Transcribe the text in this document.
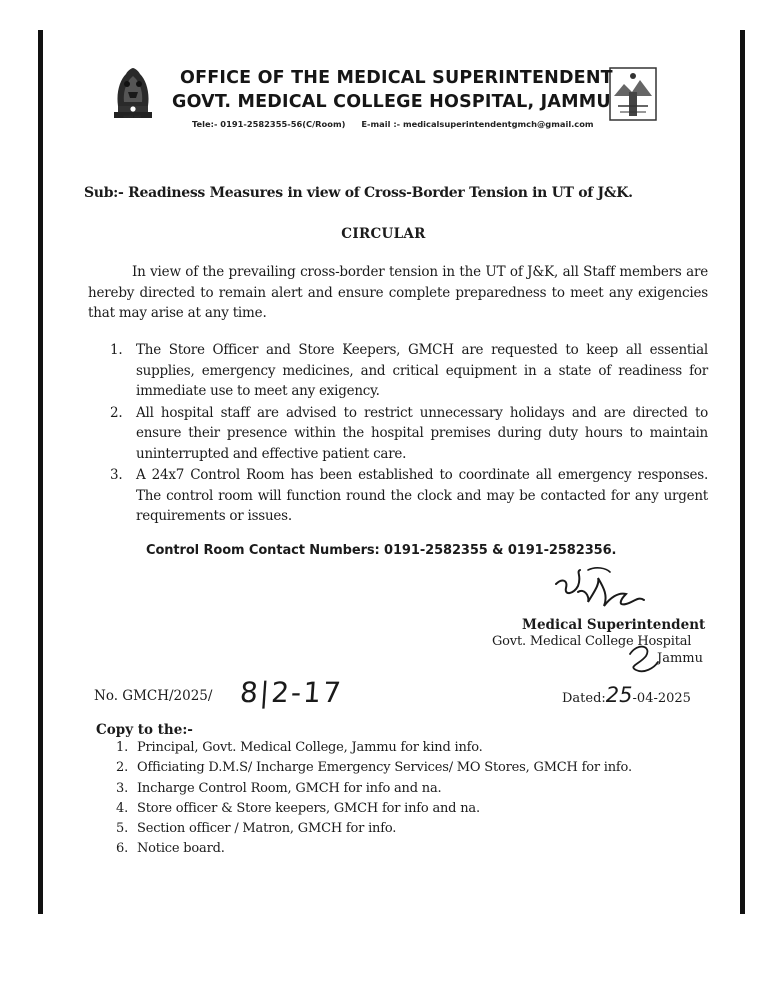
सत्यमेव जयते
OFFICE OF THE MEDICAL SUPERINTENDENT
GOVT. MEDICAL COLLEGE HOSPITAL, JAMMU
Tele:- 0191-2582355-56(C/Room) E-mail :- medicalsuperintendentgmch@gmail.com
Sub:- Readiness Measures in view of Cross-Border Tension in UT of J&K.
CIRCULAR
In view of the prevailing cross-border tension in the UT of J&K, all Staff members are hereby directed to remain alert and ensure complete preparedness to meet any exigencies that may arise at any time.
1. The Store Officer and Store Keepers, GMCH are requested to keep all essential supplies, emergency medicines, and critical equipment in a state of readiness for immediate use to meet any exigency.
2. All hospital staff are advised to restrict unnecessary holidays and are directed to ensure their presence within the hospital premises during duty hours to maintain uninterrupted and effective patient care.
3. A 24x7 Control Room has been established to coordinate all emergency responses. The control room will function round the clock and may be contacted for any urgent requirements or issues.
Control Room Contact Numbers: 0191-2582355 & 0191-2582356.
Medical Superintendent
Govt. Medical College Hospital
Jammu
No. GMCH/2025/ 8|2-17	Dated:25-04-2025
Copy to the:-
1. Principal, Govt. Medical College, Jammu for kind info.
2. Officiating D.M.S/ Incharge Emergency Services/ MO Stores, GMCH for info.
3. Incharge Control Room, GMCH for info and na.
4. Store officer & Store keepers, GMCH for info and na.
5. Section officer / Matron, GMCH for info.
6. Notice board.
